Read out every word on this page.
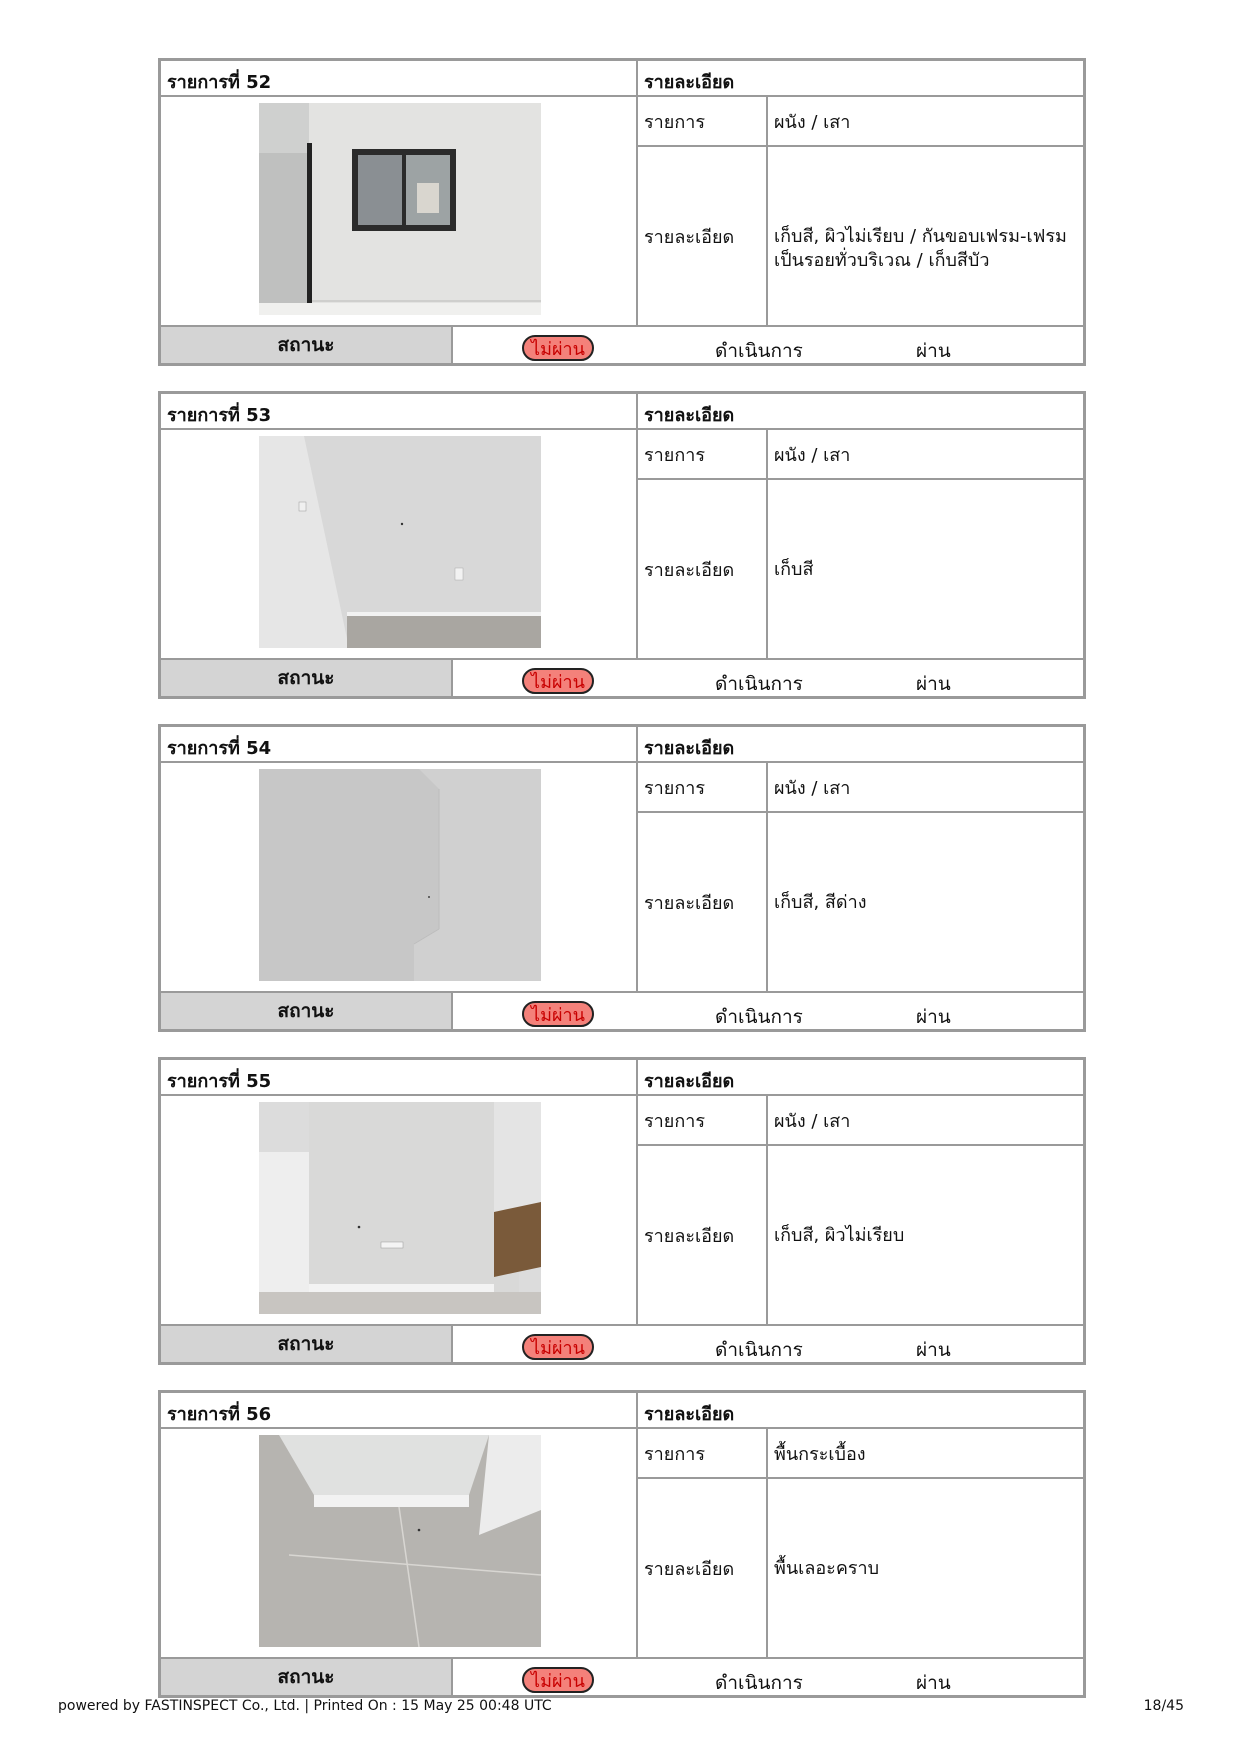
รายการที่ 52	รายละเอียด
รายการ	ผนัง / เสา
รายละเอียด	เก็บสี, ผิวไม่เรียบ / กันขอบเฟรม-เฟรมเป็นรอยทั่วบริเวณ / เก็บสีบัว
สถานะ	ไม่ผ่าน	ดำเนินการ	ผ่าน
รายการที่ 53	รายละเอียด
รายการ	ผนัง / เสา
รายละเอียด	เก็บสี
สถานะ	ไม่ผ่าน	ดำเนินการ	ผ่าน
รายการที่ 54	รายละเอียด
รายการ	ผนัง / เสา
รายละเอียด	เก็บสี, สีด่าง
สถานะ	ไม่ผ่าน	ดำเนินการ	ผ่าน
รายการที่ 55	รายละเอียด
รายการ	ผนัง / เสา
รายละเอียด	เก็บสี, ผิวไม่เรียบ
สถานะ	ไม่ผ่าน	ดำเนินการ	ผ่าน
รายการที่ 56	รายละเอียด
รายการ	พื้นกระเบื้อง
รายละเอียด	พื้นเลอะคราบ
สถานะ	ไม่ผ่าน	ดำเนินการ	ผ่าน
powered by FASTINSPECT Co., Ltd. | Printed On : 15 May 25 00:48 UTC	18/45
